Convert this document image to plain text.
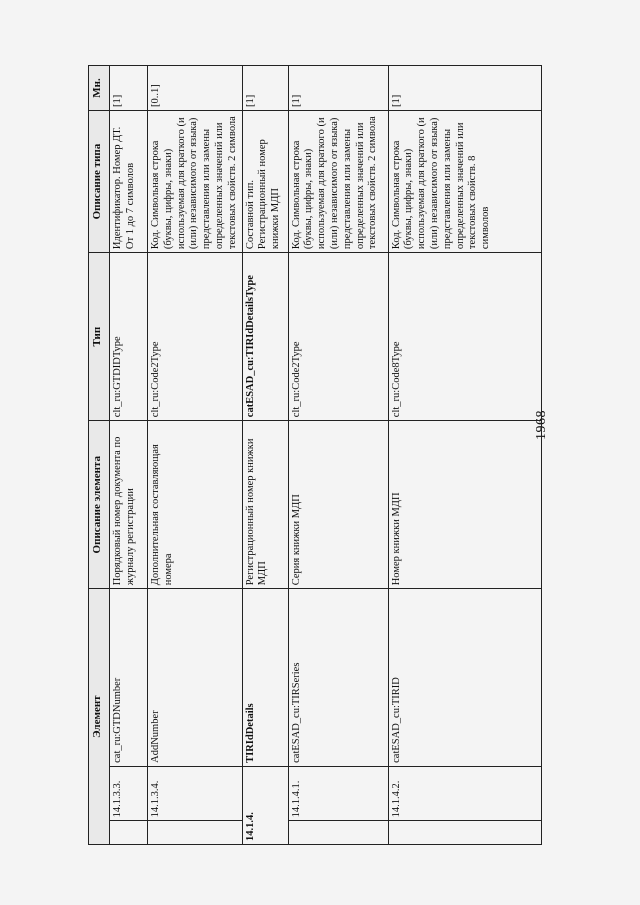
1968
Элемент			Описание элемента	Тип	Описание типа	Мн.
	14.1.3.3.	cat_ru:GTDNumber	Порядковый номер документа по журналу регистрации	clt_ru:GTDIDType	Идентификатор. Номер ДТ. От 1 до 7 символов	[1]
	14.1.3.4.	AddNumber	Дополнительная составляющая номера	clt_ru:Code2Type	Код. Символьная строка (буквы, цифры, знаки) используемая для краткого (и (или) независимого от языка) представления или замены определенных значений или текстовых свойств. 2 символа	[0..1]
14.1.4.		TIRIdDetails	Регистрационный номер книжки МДП	catESAD_cu:TIRIdDetailsType	Составной тип. Регистрационный номер книжки МДП	[1]
	14.1.4.1.	catESAD_cu:TIRSeries	Серия книжки МДП	clt_ru:Code2Type	Код. Символьная строка (буквы, цифры, знаки) используемая для краткого (и (или) независимого от языка) представления или замены определенных значений или текстовых свойств. 2 символа	[1]
	14.1.4.2.	catESAD_cu:TIRID	Номер книжки МДП	clt_ru:Code8Type	Код. Символьная строка (буквы, цифры, знаки) используемая для краткого (и (или) независимого от языка) представления или замены определенных значений или текстовых свойств. 8 символов	[1]
